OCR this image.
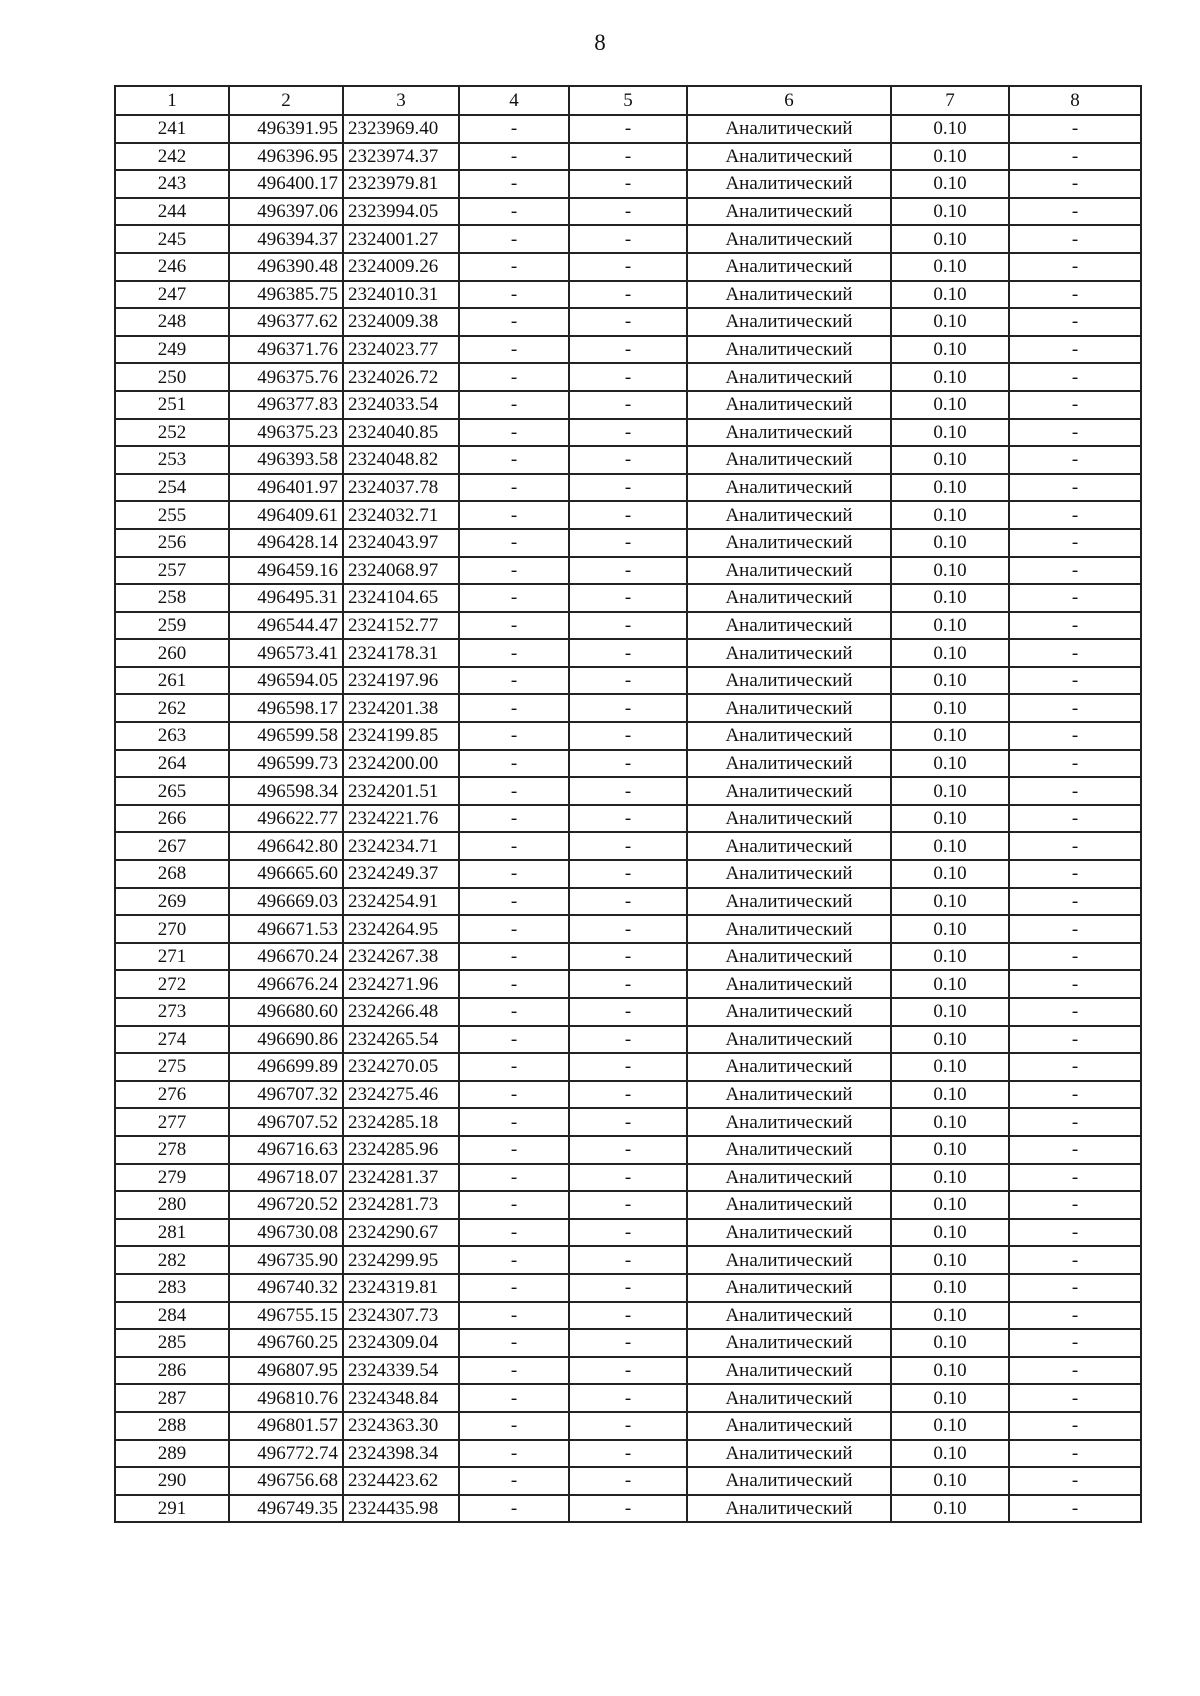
8
1	2	3	4	5	6	7	8
241	496391.95	2323969.40	-	-	Аналитический	0.10	-
242	496396.95	2323974.37	-	-	Аналитический	0.10	-
243	496400.17	2323979.81	-	-	Аналитический	0.10	-
244	496397.06	2323994.05	-	-	Аналитический	0.10	-
245	496394.37	2324001.27	-	-	Аналитический	0.10	-
246	496390.48	2324009.26	-	-	Аналитический	0.10	-
247	496385.75	2324010.31	-	-	Аналитический	0.10	-
248	496377.62	2324009.38	-	-	Аналитический	0.10	-
249	496371.76	2324023.77	-	-	Аналитический	0.10	-
250	496375.76	2324026.72	-	-	Аналитический	0.10	-
251	496377.83	2324033.54	-	-	Аналитический	0.10	-
252	496375.23	2324040.85	-	-	Аналитический	0.10	-
253	496393.58	2324048.82	-	-	Аналитический	0.10	-
254	496401.97	2324037.78	-	-	Аналитический	0.10	-
255	496409.61	2324032.71	-	-	Аналитический	0.10	-
256	496428.14	2324043.97	-	-	Аналитический	0.10	-
257	496459.16	2324068.97	-	-	Аналитический	0.10	-
258	496495.31	2324104.65	-	-	Аналитический	0.10	-
259	496544.47	2324152.77	-	-	Аналитический	0.10	-
260	496573.41	2324178.31	-	-	Аналитический	0.10	-
261	496594.05	2324197.96	-	-	Аналитический	0.10	-
262	496598.17	2324201.38	-	-	Аналитический	0.10	-
263	496599.58	2324199.85	-	-	Аналитический	0.10	-
264	496599.73	2324200.00	-	-	Аналитический	0.10	-
265	496598.34	2324201.51	-	-	Аналитический	0.10	-
266	496622.77	2324221.76	-	-	Аналитический	0.10	-
267	496642.80	2324234.71	-	-	Аналитический	0.10	-
268	496665.60	2324249.37	-	-	Аналитический	0.10	-
269	496669.03	2324254.91	-	-	Аналитический	0.10	-
270	496671.53	2324264.95	-	-	Аналитический	0.10	-
271	496670.24	2324267.38	-	-	Аналитический	0.10	-
272	496676.24	2324271.96	-	-	Аналитический	0.10	-
273	496680.60	2324266.48	-	-	Аналитический	0.10	-
274	496690.86	2324265.54	-	-	Аналитический	0.10	-
275	496699.89	2324270.05	-	-	Аналитический	0.10	-
276	496707.32	2324275.46	-	-	Аналитический	0.10	-
277	496707.52	2324285.18	-	-	Аналитический	0.10	-
278	496716.63	2324285.96	-	-	Аналитический	0.10	-
279	496718.07	2324281.37	-	-	Аналитический	0.10	-
280	496720.52	2324281.73	-	-	Аналитический	0.10	-
281	496730.08	2324290.67	-	-	Аналитический	0.10	-
282	496735.90	2324299.95	-	-	Аналитический	0.10	-
283	496740.32	2324319.81	-	-	Аналитический	0.10	-
284	496755.15	2324307.73	-	-	Аналитический	0.10	-
285	496760.25	2324309.04	-	-	Аналитический	0.10	-
286	496807.95	2324339.54	-	-	Аналитический	0.10	-
287	496810.76	2324348.84	-	-	Аналитический	0.10	-
288	496801.57	2324363.30	-	-	Аналитический	0.10	-
289	496772.74	2324398.34	-	-	Аналитический	0.10	-
290	496756.68	2324423.62	-	-	Аналитический	0.10	-
291	496749.35	2324435.98	-	-	Аналитический	0.10	-
